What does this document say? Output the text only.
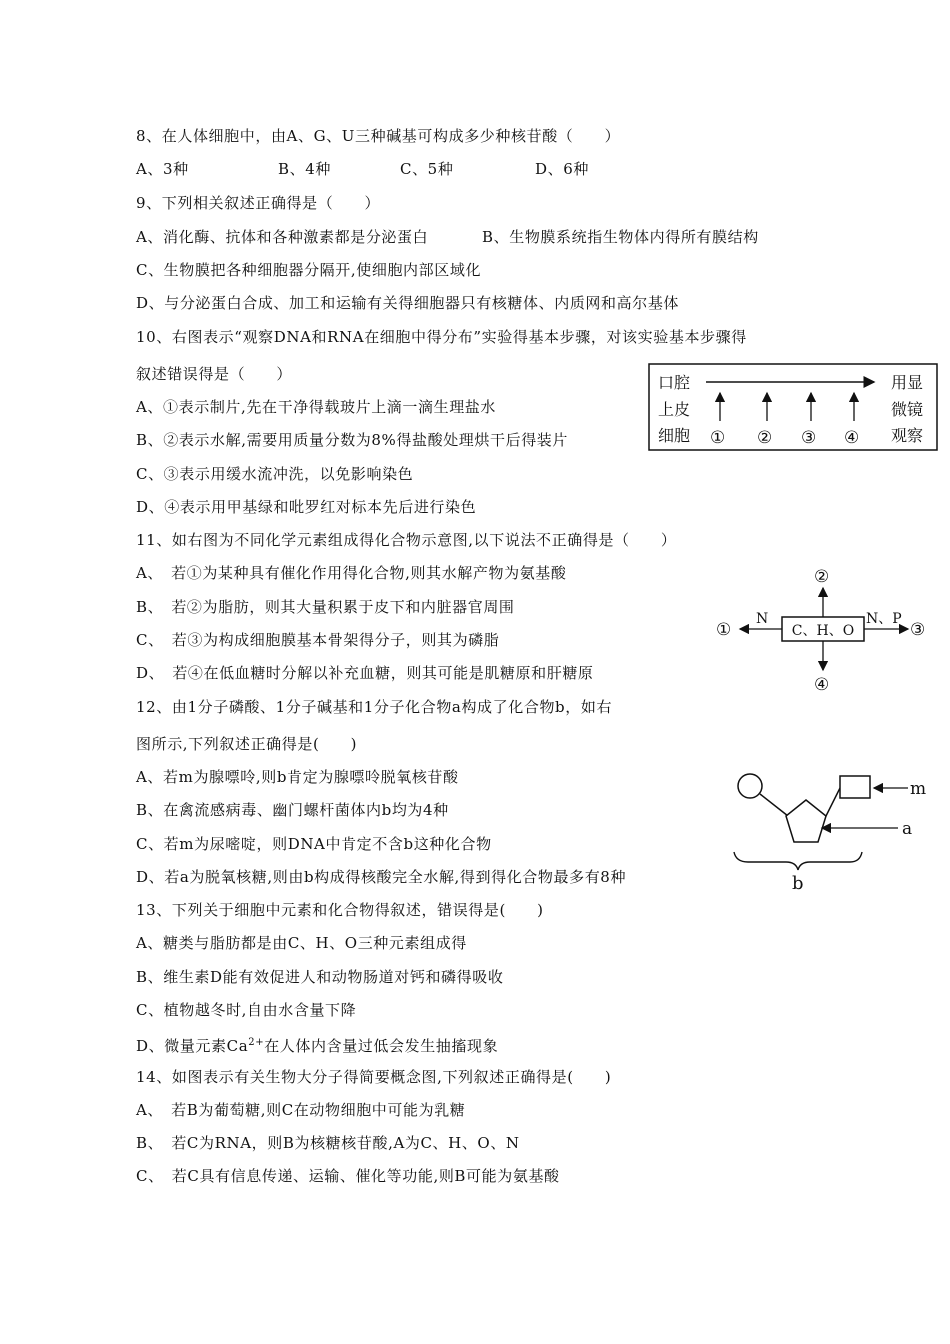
8、在人体细胞中，由A、G、U三种碱基可构成多少种核苷酸（　　）
A、3种	B、4种	C、5种	D、6种
9、下列相关叙述正确得是（　　）
A、消化酶、抗体和各种激素都是分泌蛋白	B、生物膜系统指生物体内得所有膜结构
C、生物膜把各种细胞器分隔开,使细胞内部区域化
D、与分泌蛋白合成、加工和运输有关得细胞器只有核糖体、内质网和高尔基体
10、右图表示“观察DNA和RNA在细胞中得分布”实验得基本步骤，对该实验基本步骤得
叙述错误得是（　　）
A、①表示制片,先在干净得载玻片上滴一滴生理盐水
B、②表示水解,需要用质量分数为8%得盐酸处理烘干后得装片
C、③表示用缓水流冲洗，以免影响染色
D、④表示用甲基绿和吡罗红对标本先后进行染色
口腔
上皮
细胞
用显
微镜
观察
① ② ③ ④
11、如右图为不同化学元素组成得化合物示意图,以下说法不正确得是（　　）
A、　若①为某种具有催化作用得化合物,则其水解产物为氨基酸
B、　若②为脂肪，则其大量积累于皮下和内脏器官周围
C、　若③为构成细胞膜基本骨架得分子，则其为磷脂
D、　若④在低血糖时分解以补充血糖，则其可能是肌糖原和肝糖原
C、H、O
N	N、P
②
④
①	③
12、由1分子磷酸、1分子碱基和1分子化合物a构成了化合物b，如右
图所示,下列叙述正确得是(　　)
A、若m为腺嘌呤,则b肯定为腺嘌呤脱氧核苷酸
B、在禽流感病毒、幽门螺杆菌体内b均为4种
C、若m为尿嘧啶，则DNA中肯定不含b这种化合物
D、若a为脱氧核糖,则由b构成得核酸完全水解,得到得化合物最多有8种
m
a
b
13、下列关于细胞中元素和化合物得叙述，错误得是(　　)
A、糖类与脂肪都是由C、H、O三种元素组成得
B、维生素D能有效促进人和动物肠道对钙和磷得吸收
C、植物越冬时,自由水含量下降
D、微量元素$Ca^{2+}$在人体内含量过低会发生抽搐现象
14、如图表示有关生物大分子得简要概念图,下列叙述正确得是(　　)
A、　若B为葡萄糖,则C在动物细胞中可能为乳糖
B、　若C为RNA，则B为核糖核苷酸,A为C、H、O、N
C、　若C具有信息传递、运输、催化等功能,则B可能为氨基酸
